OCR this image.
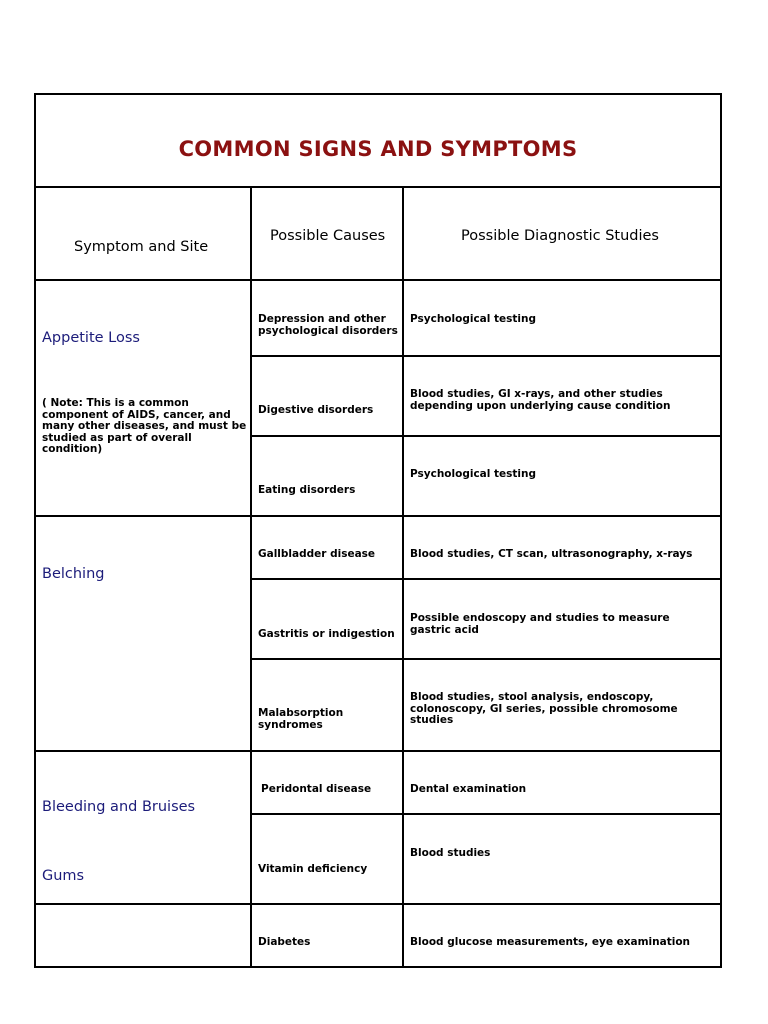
COMMON SIGNS AND SYMPTOMS
Symptom and Site
Possible Causes	Possible Diagnostic Studies
Appetite Loss
( Note: This is a common component of AIDS, cancer, and many other diseases, and must be studied as part of overall condition)
Belching
Bleeding and Bruises
Gums
Depression and other psychological disorders
Digestive disorders
Eating disorders
Gallbladder disease
Gastritis or indigestion
Malabsorption syndromes
Peridontal disease
Vitamin deficiency
Diabetes
Psychological testing
Blood studies, GI x-rays, and other studies depending upon underlying cause condition
Psychological testing
Blood studies, CT scan, ultrasonography, x-rays
Possible endoscopy and studies to measure gastric acid
Blood studies, stool analysis, endoscopy, colonoscopy, GI series, possible chromosome studies
Dental examination
Blood studies
Blood glucose measurements, eye examination
